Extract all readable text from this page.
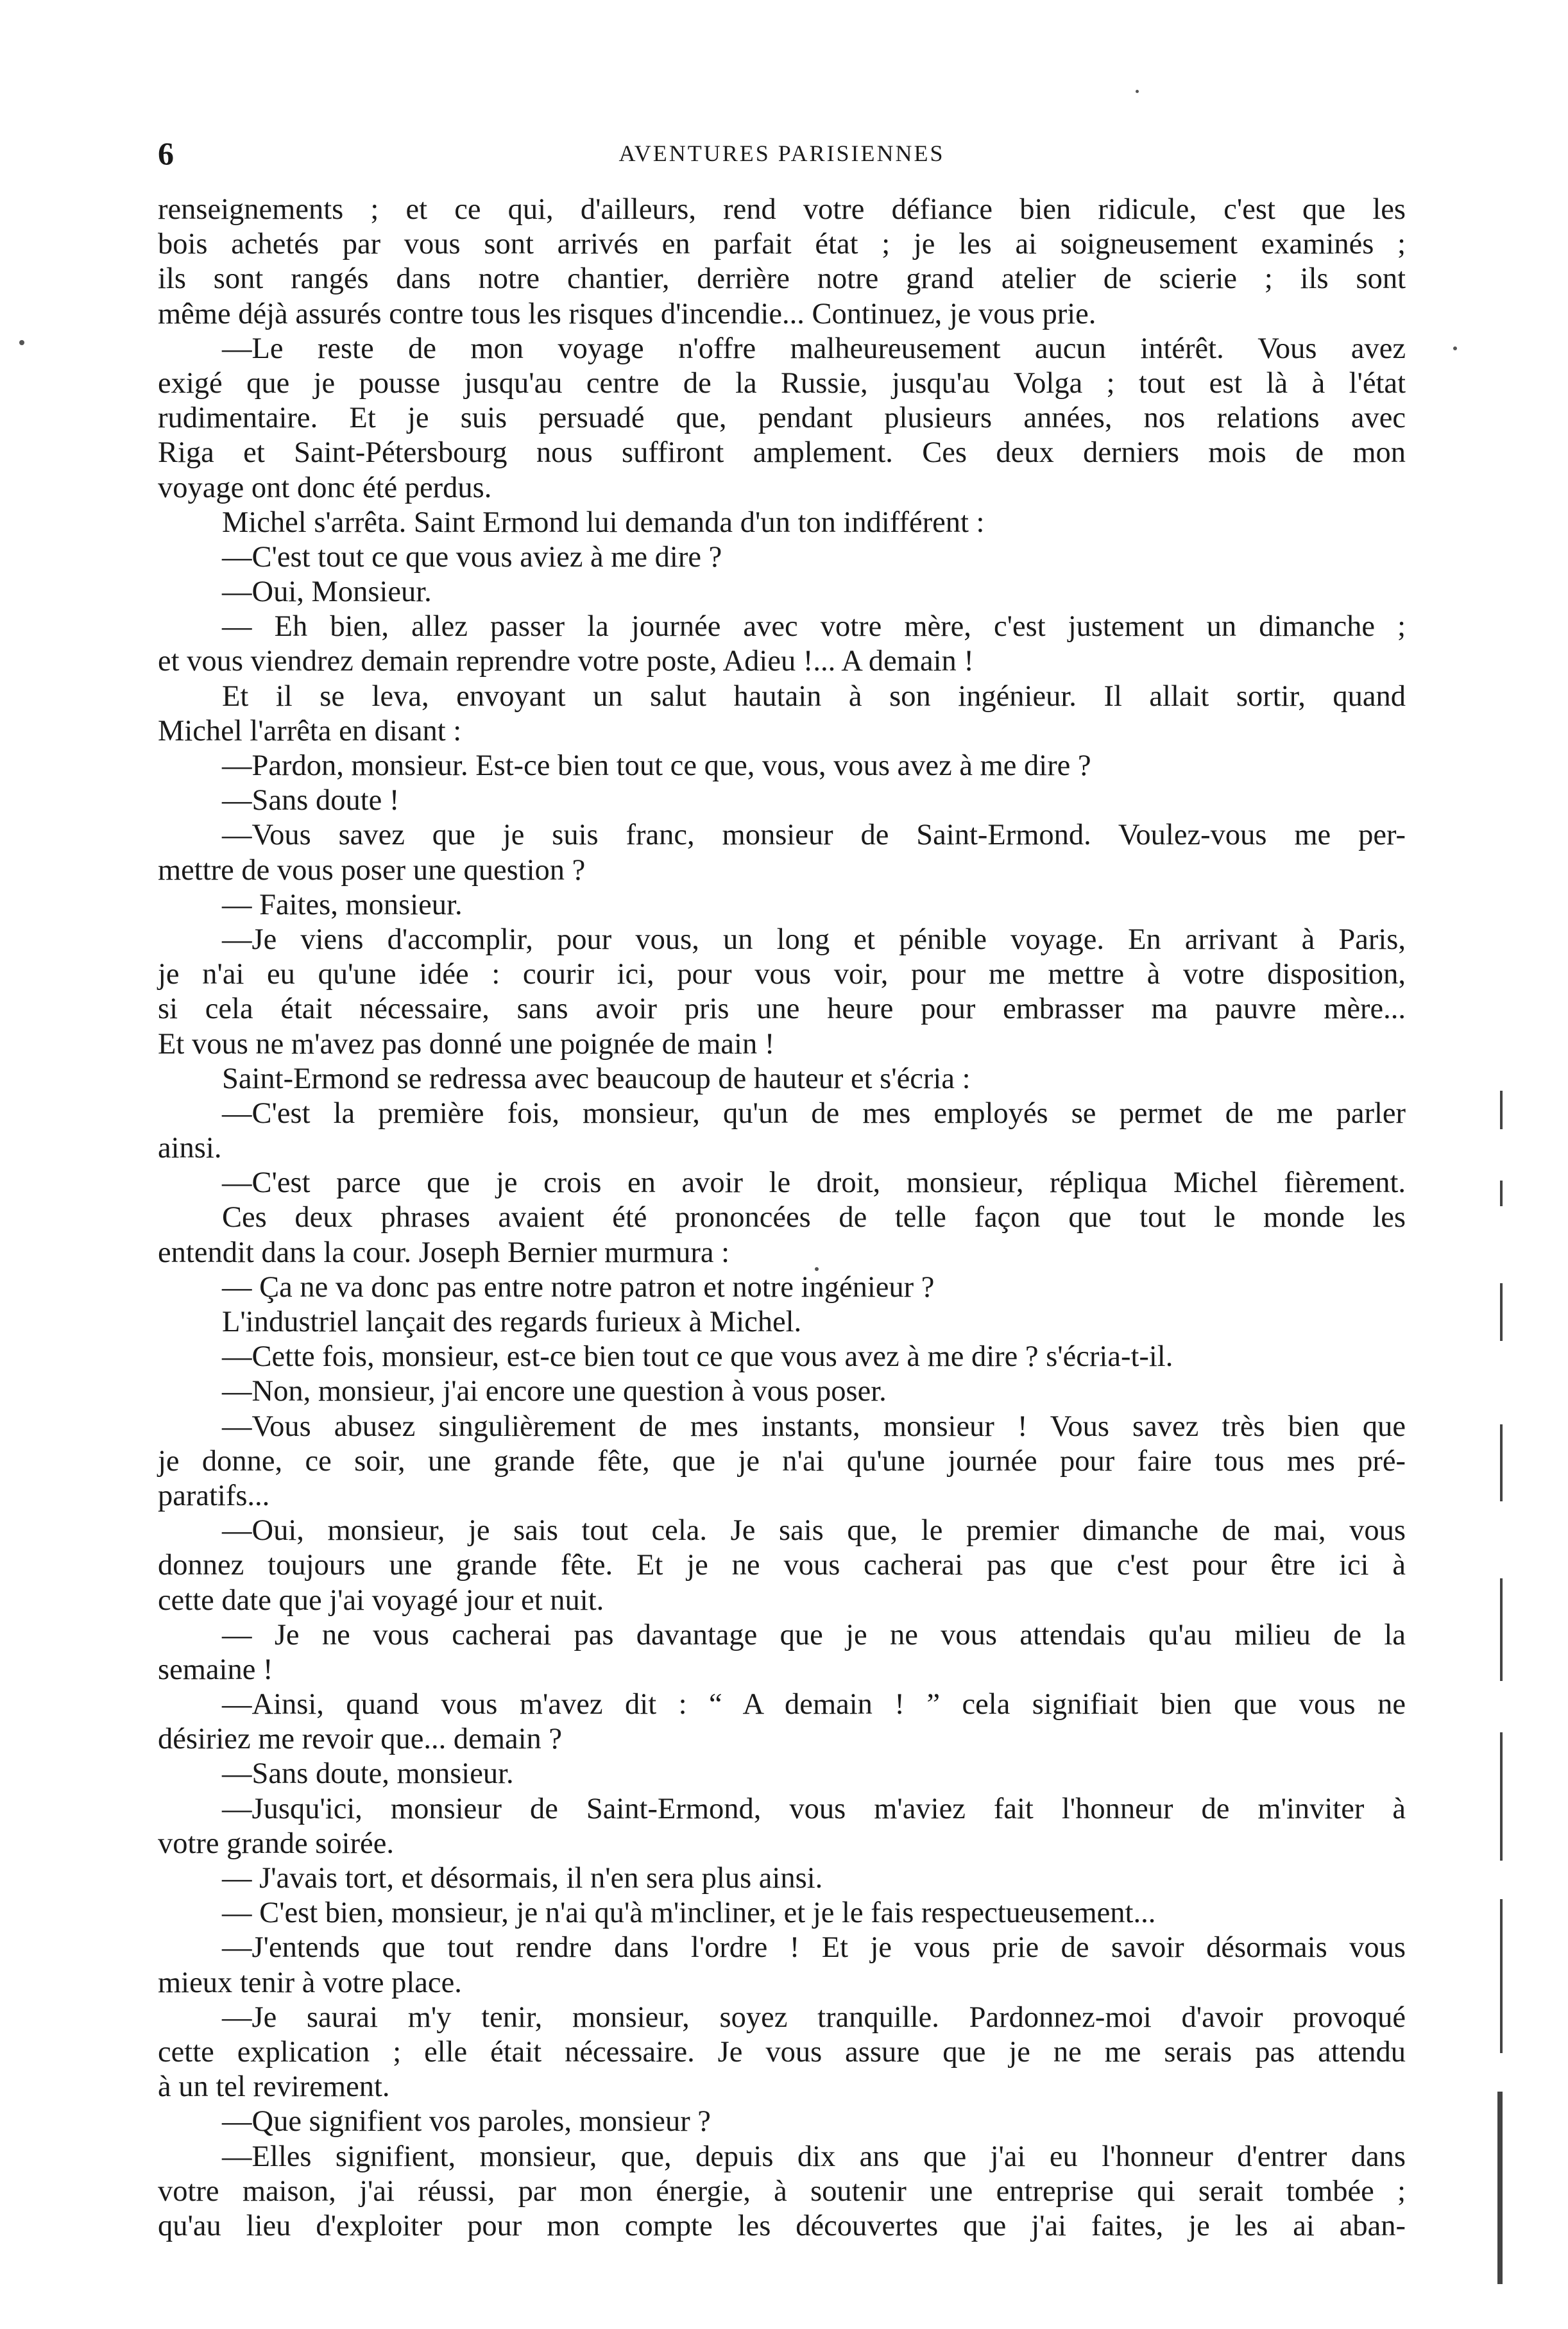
6	AVENTURES PARISIENNES
renseignements ; et ce qui, d'ailleurs, rend votre défiance bien ridicule, c'est que les
bois achetés par vous sont arrivés en parfait état ; je les ai soigneusement examinés ;
ils sont rangés dans notre chantier, derrière notre grand atelier de scierie ; ils sont
même déjà assurés contre tous les risques d'incendie... Continuez, je vous prie.
—Le reste de mon voyage n'offre malheureusement aucun intérêt. Vous avez
exigé que je pousse jusqu'au centre de la Russie, jusqu'au Volga ; tout est là à l'état
rudimentaire. Et je suis persuadé que, pendant plusieurs années, nos relations avec
Riga et Saint-Pétersbourg nous suffiront amplement. Ces deux derniers mois de mon
voyage ont donc été perdus.
Michel s'arrêta. Saint Ermond lui demanda d'un ton indifférent :
—C'est tout ce que vous aviez à me dire ?
—Oui, Monsieur.
— Eh bien, allez passer la journée avec votre mère, c'est justement un dimanche ;
et vous viendrez demain reprendre votre poste, Adieu !... A demain !
Et il se leva, envoyant un salut hautain à son ingénieur. Il allait sortir, quand
Michel l'arrêta en disant :
—Pardon, monsieur. Est-ce bien tout ce que, vous, vous avez à me dire ?
—Sans doute !
—Vous savez que je suis franc, monsieur de Saint-Ermond. Voulez-vous me per-
mettre de vous poser une question ?
— Faites, monsieur.
—Je viens d'accomplir, pour vous, un long et pénible voyage. En arrivant à Paris,
je n'ai eu qu'une idée : courir ici, pour vous voir, pour me mettre à votre disposition,
si cela était nécessaire, sans avoir pris une heure pour embrasser ma pauvre mère...
Et vous ne m'avez pas donné une poignée de main !
Saint-Ermond se redressa avec beaucoup de hauteur et s'écria :
—C'est la première fois, monsieur, qu'un de mes employés se permet de me parler
ainsi.
—C'est parce que je crois en avoir le droit, monsieur, répliqua Michel fièrement.
Ces deux phrases avaient été prononcées de telle façon que tout le monde les
entendit dans la cour. Joseph Bernier murmura :
— Ça ne va donc pas entre notre patron et notre ingénieur ?
L'industriel lançait des regards furieux à Michel.
—Cette fois, monsieur, est-ce bien tout ce que vous avez à me dire ? s'écria-t-il.
—Non, monsieur, j'ai encore une question à vous poser.
—Vous abusez singulièrement de mes instants, monsieur ! Vous savez très bien que
je donne, ce soir, une grande fête, que je n'ai qu'une journée pour faire tous mes pré-
paratifs...
—Oui, monsieur, je sais tout cela. Je sais que, le premier dimanche de mai, vous
donnez toujours une grande fête. Et je ne vous cacherai pas que c'est pour être ici à
cette date que j'ai voyagé jour et nuit.
— Je ne vous cacherai pas davantage que je ne vous attendais qu'au milieu de la
semaine !
—Ainsi, quand vous m'avez dit : “ A demain ! ” cela signifiait bien que vous ne
désiriez me revoir que... demain ?
—Sans doute, monsieur.
—Jusqu'ici, monsieur de Saint-Ermond, vous m'aviez fait l'honneur de m'inviter à
votre grande soirée.
— J'avais tort, et désormais, il n'en sera plus ainsi.
— C'est bien, monsieur, je n'ai qu'à m'incliner, et je le fais respectueusement...
—J'entends que tout rendre dans l'ordre ! Et je vous prie de savoir désormais vous
mieux tenir à votre place.
—Je saurai m'y tenir, monsieur, soyez tranquille. Pardonnez-moi d'avoir provoqué
cette explication ; elle était nécessaire. Je vous assure que je ne me serais pas attendu
à un tel revirement.
—Que signifient vos paroles, monsieur ?
—Elles signifient, monsieur, que, depuis dix ans que j'ai eu l'honneur d'entrer dans
votre maison, j'ai réussi, par mon énergie, à soutenir une entreprise qui serait tombée ;
qu'au lieu d'exploiter pour mon compte les découvertes que j'ai faites, je les ai aban-
